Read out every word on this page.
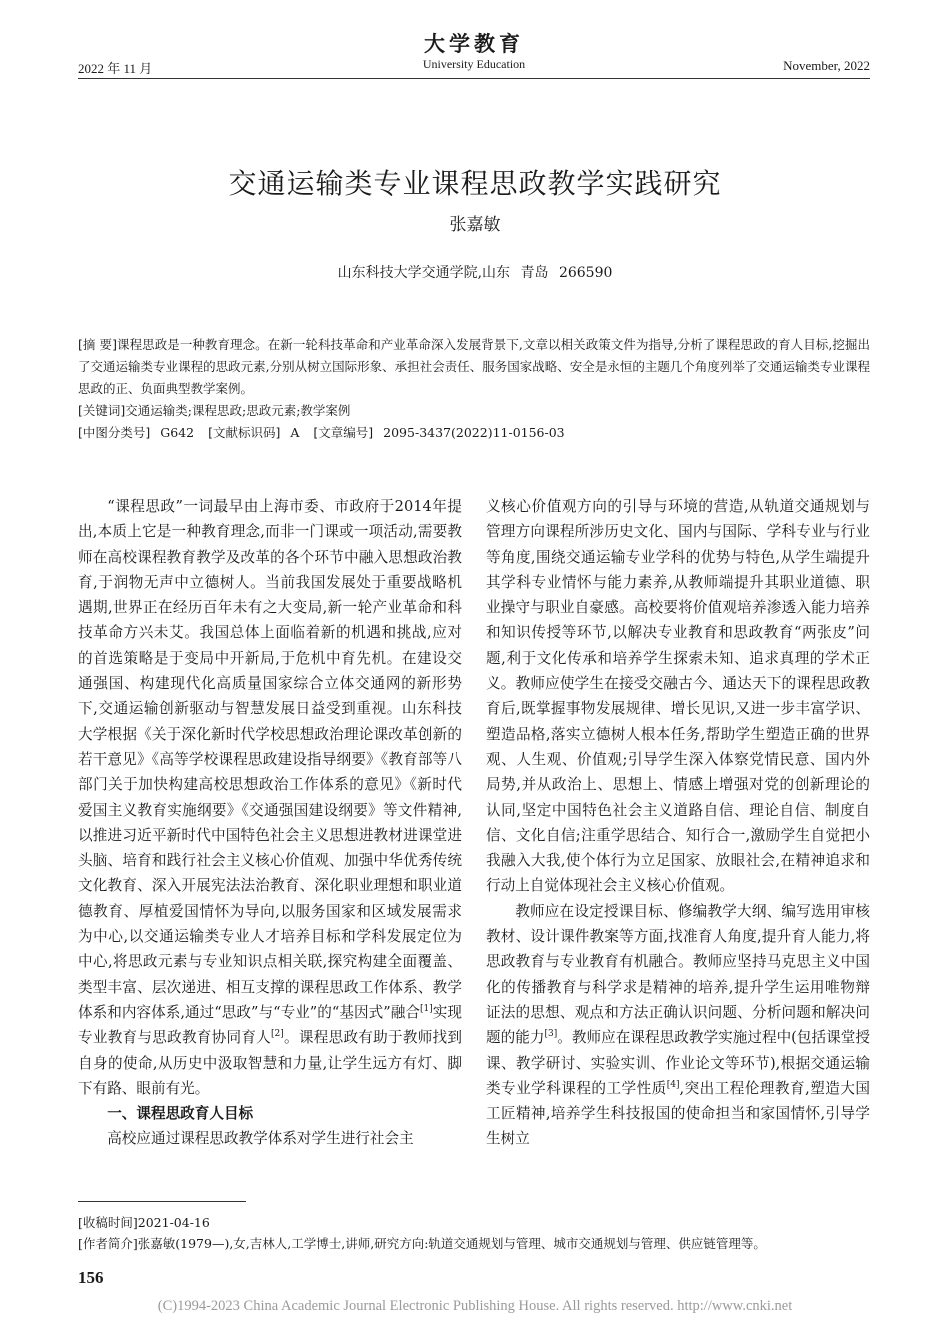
大学教育
University Education
2022 年 11 月	November, 2022
交通运输类专业课程思政教学实践研究
张嘉敏
山东科技大学交通学院,山东 青岛 266590

[摘 要]课程思政是一种教育理念。在新一轮科技革命和产业革命深入发展背景下,文章以相关政策文件为指导,分析了课程思政的育人目标,挖掘出了交通运输类专业课程的思政元素,分别从树立国际形象、承担社会责任、服务国家战略、安全是永恒的主题几个角度列举了交通运输类专业课程思政的正、负面典型教学案例。

[关键词]交通运输类;课程思政;思政元素;教学案例

[中图分类号] G642 [文献标识码] A [文章编号] 2095-3437(2022)11-0156-03

“课程思政”一词最早由上海市委、市政府于2014年提出,本质上它是一种教育理念,而非一门课或一项活动,需要教师在高校课程教育教学及改革的各个环节中融入思想政治教育,于润物无声中立德树人。当前我国发展处于重要战略机遇期,世界正在经历百年未有之大变局,新一轮产业革命和科技革命方兴未艾。我国总体上面临着新的机遇和挑战,应对的首选策略是于变局中开新局,于危机中育先机。在建设交通强国、构建现代化高质量国家综合立体交通网的新形势下,交通运输创新驱动与智慧发展日益受到重视。山东科技大学根据《关于深化新时代学校思想政治理论课改革创新的若干意见》《高等学校课程思政建设指导纲要》《教育部等八部门关于加快构建高校思想政治工作体系的意见》《新时代爱国主义教育实施纲要》《交通强国建设纲要》等文件精神,以推进习近平新时代中国特色社会主义思想进教材进课堂进头脑、培育和践行社会主义核心价值观、加强中华优秀传统文化教育、深入开展宪法法治教育、深化职业理想和职业道德教育、厚植爱国情怀为导向,以服务国家和区域发展需求为中心,以交通运输类专业人才培养目标和学科发展定位为中心,将思政元素与专业知识点相关联,探究构建全面覆盖、类型丰富、层次递进、相互支撑的课程思政工作体系、教学体系和内容体系,通过“思政”与“专业”的“基因式”融合[1]实现专业教育与思政教育协同育人[2]。课程思政有助于教师找到自身的使命,从历史中汲取智慧和力量,让学生远方有灯、脚下有路、眼前有光。

一、课程思政育人目标

高校应通过课程思政教学体系对学生进行社会主

义核心价值观方向的引导与环境的营造,从轨道交通规划与管理方向课程所涉历史文化、国内与国际、学科专业与行业等角度,围绕交通运输专业学科的优势与特色,从学生端提升其学科专业情怀与能力素养,从教师端提升其职业道德、职业操守与职业自豪感。高校要将价值观培养渗透入能力培养和知识传授等环节,以解决专业教育和思政教育“两张皮”问题,利于文化传承和培养学生探索未知、追求真理的学术正义。教师应使学生在接受交融古今、通达天下的课程思政教育后,既掌握事物发展规律、增长见识,又进一步丰富学识、塑造品格,落实立德树人根本任务,帮助学生塑造正确的世界观、人生观、价值观;引导学生深入体察党情民意、国内外局势,并从政治上、思想上、情感上增强对党的创新理论的认同,坚定中国特色社会主义道路自信、理论自信、制度自信、文化自信;注重学思结合、知行合一,激励学生自觉把小我融入大我,使个体行为立足国家、放眼社会,在精神追求和行动上自觉体现社会主义核心价值观。

教师应在设定授课目标、修编教学大纲、编写选用审核教材、设计课件教案等方面,找准育人角度,提升育人能力,将思政教育与专业教育有机融合。教师应坚持马克思主义中国化的传播教育与科学求是精神的培养,提升学生运用唯物辩证法的思想、观点和方法正确认识问题、分析问题和解决问题的能力[3]。教师应在课程思政教学实施过程中(包括课堂授课、教学研讨、实验实训、作业论文等环节),根据交通运输类专业学科课程的工学性质[4],突出工程伦理教育,塑造大国工匠精神,培养学生科技报国的使命担当和家国情怀,引导学生树立

[收稿时间]2021-04-16

[作者简介]张嘉敏(1979—),女,吉林人,工学博士,讲师,研究方向:轨道交通规划与管理、城市交通规划与管理、供应链管理等。

156
(C)1994-2023 China Academic Journal Electronic Publishing House. All rights reserved. http://www.cnki.net
